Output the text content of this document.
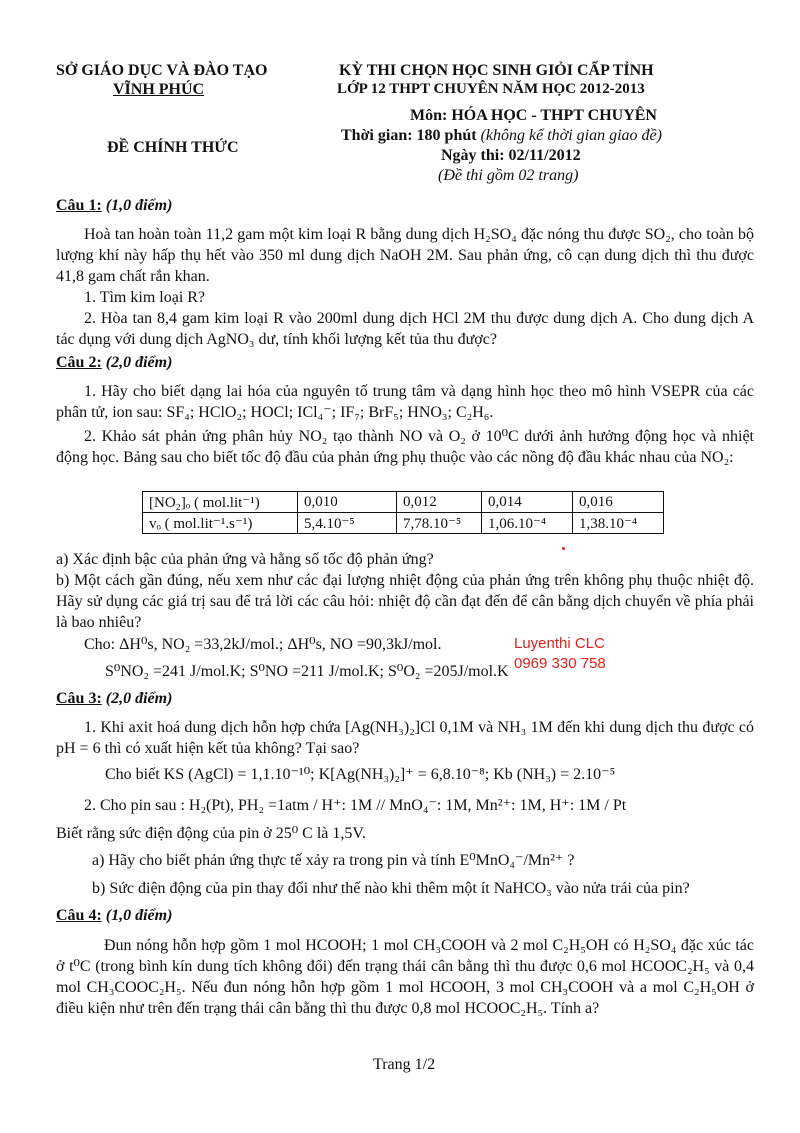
SỞ GIÁO DỤC VÀ ĐÀO TẠO
VĨNH PHÚC
ĐỀ CHÍNH THỨC
KỲ THI CHỌN HỌC SINH GIỎI CẤP TỈNH
LỚP 12 THPT CHUYÊN NĂM HỌC 2012-2013
Môn: HÓA HỌC - THPT CHUYÊN
Thời gian: 180 phút (không kể thời gian giao đề)
Ngày thi: 02/11/2012
(Đề thi gồm 02 trang)
Câu 1: (1,0 điểm)
Hoà tan hoàn toàn 11,2 gam một kim loại R bằng dung dịch H₂SO₄ đặc nóng thu được SO₂, cho toàn bộ lượng khí này hấp thụ hết vào 350 ml dung dịch NaOH 2M. Sau phản ứng, cô cạn dung dịch thì thu được 41,8 gam chất rắn khan.
1. Tìm kim loại R?
2. Hòa tan 8,4 gam kim loại R vào 200ml dung dịch HCl 2M thu được dung dịch A. Cho dung dịch A tác dụng với dung dịch AgNO₃ dư, tính khối lượng kết tủa thu được?
Câu 2: (2,0 điểm)
1. Hãy cho biết dạng lai hóa của nguyên tố trung tâm và dạng hình học theo mô hình VSEPR của các phân tử, ion sau: SF₄; HClO₂; HOCl; ICl₄⁻; IF₇; BrF₅; HNO₃; C₂H₆.
2. Khảo sát phản ứng phân hủy NO₂ tạo thành NO và O₂ ở 10⁰C dưới ảnh hưởng động học và nhiệt động học. Bảng sau cho biết tốc độ đầu của phản ứng phụ thuộc vào các nồng độ đầu khác nhau của NO₂:
[NO₂]ₒ ( mol.lit⁻¹)	0,010	0,012	0,014	0,016
vₒ ( mol.lit⁻¹.s⁻¹)	5,4.10⁻⁵	7,78.10⁻⁵	1,06.10⁻⁴	1,38.10⁻⁴
a) Xác định bậc của phản ứng và hằng số tốc độ phản ứng?
b) Một cách gần đúng, nếu xem như các đại lượng nhiệt động của phản ứng trên không phụ thuộc nhiệt độ. Hãy sử dụng các giá trị sau để trả lời các câu hỏi: nhiệt độ cần đạt đến để cân bằng dịch chuyển về phía phải là bao nhiêu?
Cho: ΔH⁰s, NO₂ =33,2kJ/mol.; ΔH⁰s, NO =90,3kJ/mol.
S⁰NO₂ =241 J/mol.K; S⁰NO =211 J/mol.K; S⁰O₂ =205J/mol.K
Luyenthi CLC
0969 330 758
Câu 3: (2,0 điểm)
1. Khi axit hoá dung dịch hỗn hợp chứa [Ag(NH₃)₂]Cl 0,1M và NH₃ 1M đến khi dung dịch thu được có pH = 6 thì có xuất hiện kết tủa không? Tại sao?
Cho biết KS (AgCl) = 1,1.10⁻¹⁰; K[Ag(NH₃)₂]⁺ = 6,8.10⁻⁸; Kb (NH₃) = 2.10⁻⁵
2. Cho pin sau : H₂(Pt), PH₂ =1atm / H⁺: 1M // MnO₄⁻: 1M, Mn²⁺: 1M, H⁺: 1M / Pt
Biết rằng sức điện động của pin ở 25⁰ C là 1,5V.
a) Hãy cho biết phản ứng thực tế xảy ra trong pin và tính E⁰MnO₄⁻/Mn²⁺ ?
b) Sức điện động của pin thay đổi như thế nào khi thêm một ít NaHCO₃ vào nửa trái của pin?
Câu 4: (1,0 điểm)
Đun nóng hỗn hợp gồm 1 mol HCOOH; 1 mol CH₃COOH và 2 mol C₂H₅OH có H₂SO₄ đặc xúc tác ở t⁰C (trong bình kín dung tích không đổi) đến trạng thái cân bằng thì thu được 0,6 mol HCOOC₂H₅ và 0,4 mol CH₃COOC₂H₅. Nếu đun nóng hỗn hợp gồm 1 mol HCOOH, 3 mol CH₃COOH và a mol C₂H₅OH ở điều kiện như trên đến trạng thái cân bằng thì thu được 0,8 mol HCOOC₂H₅. Tính a?
Trang 1/2
